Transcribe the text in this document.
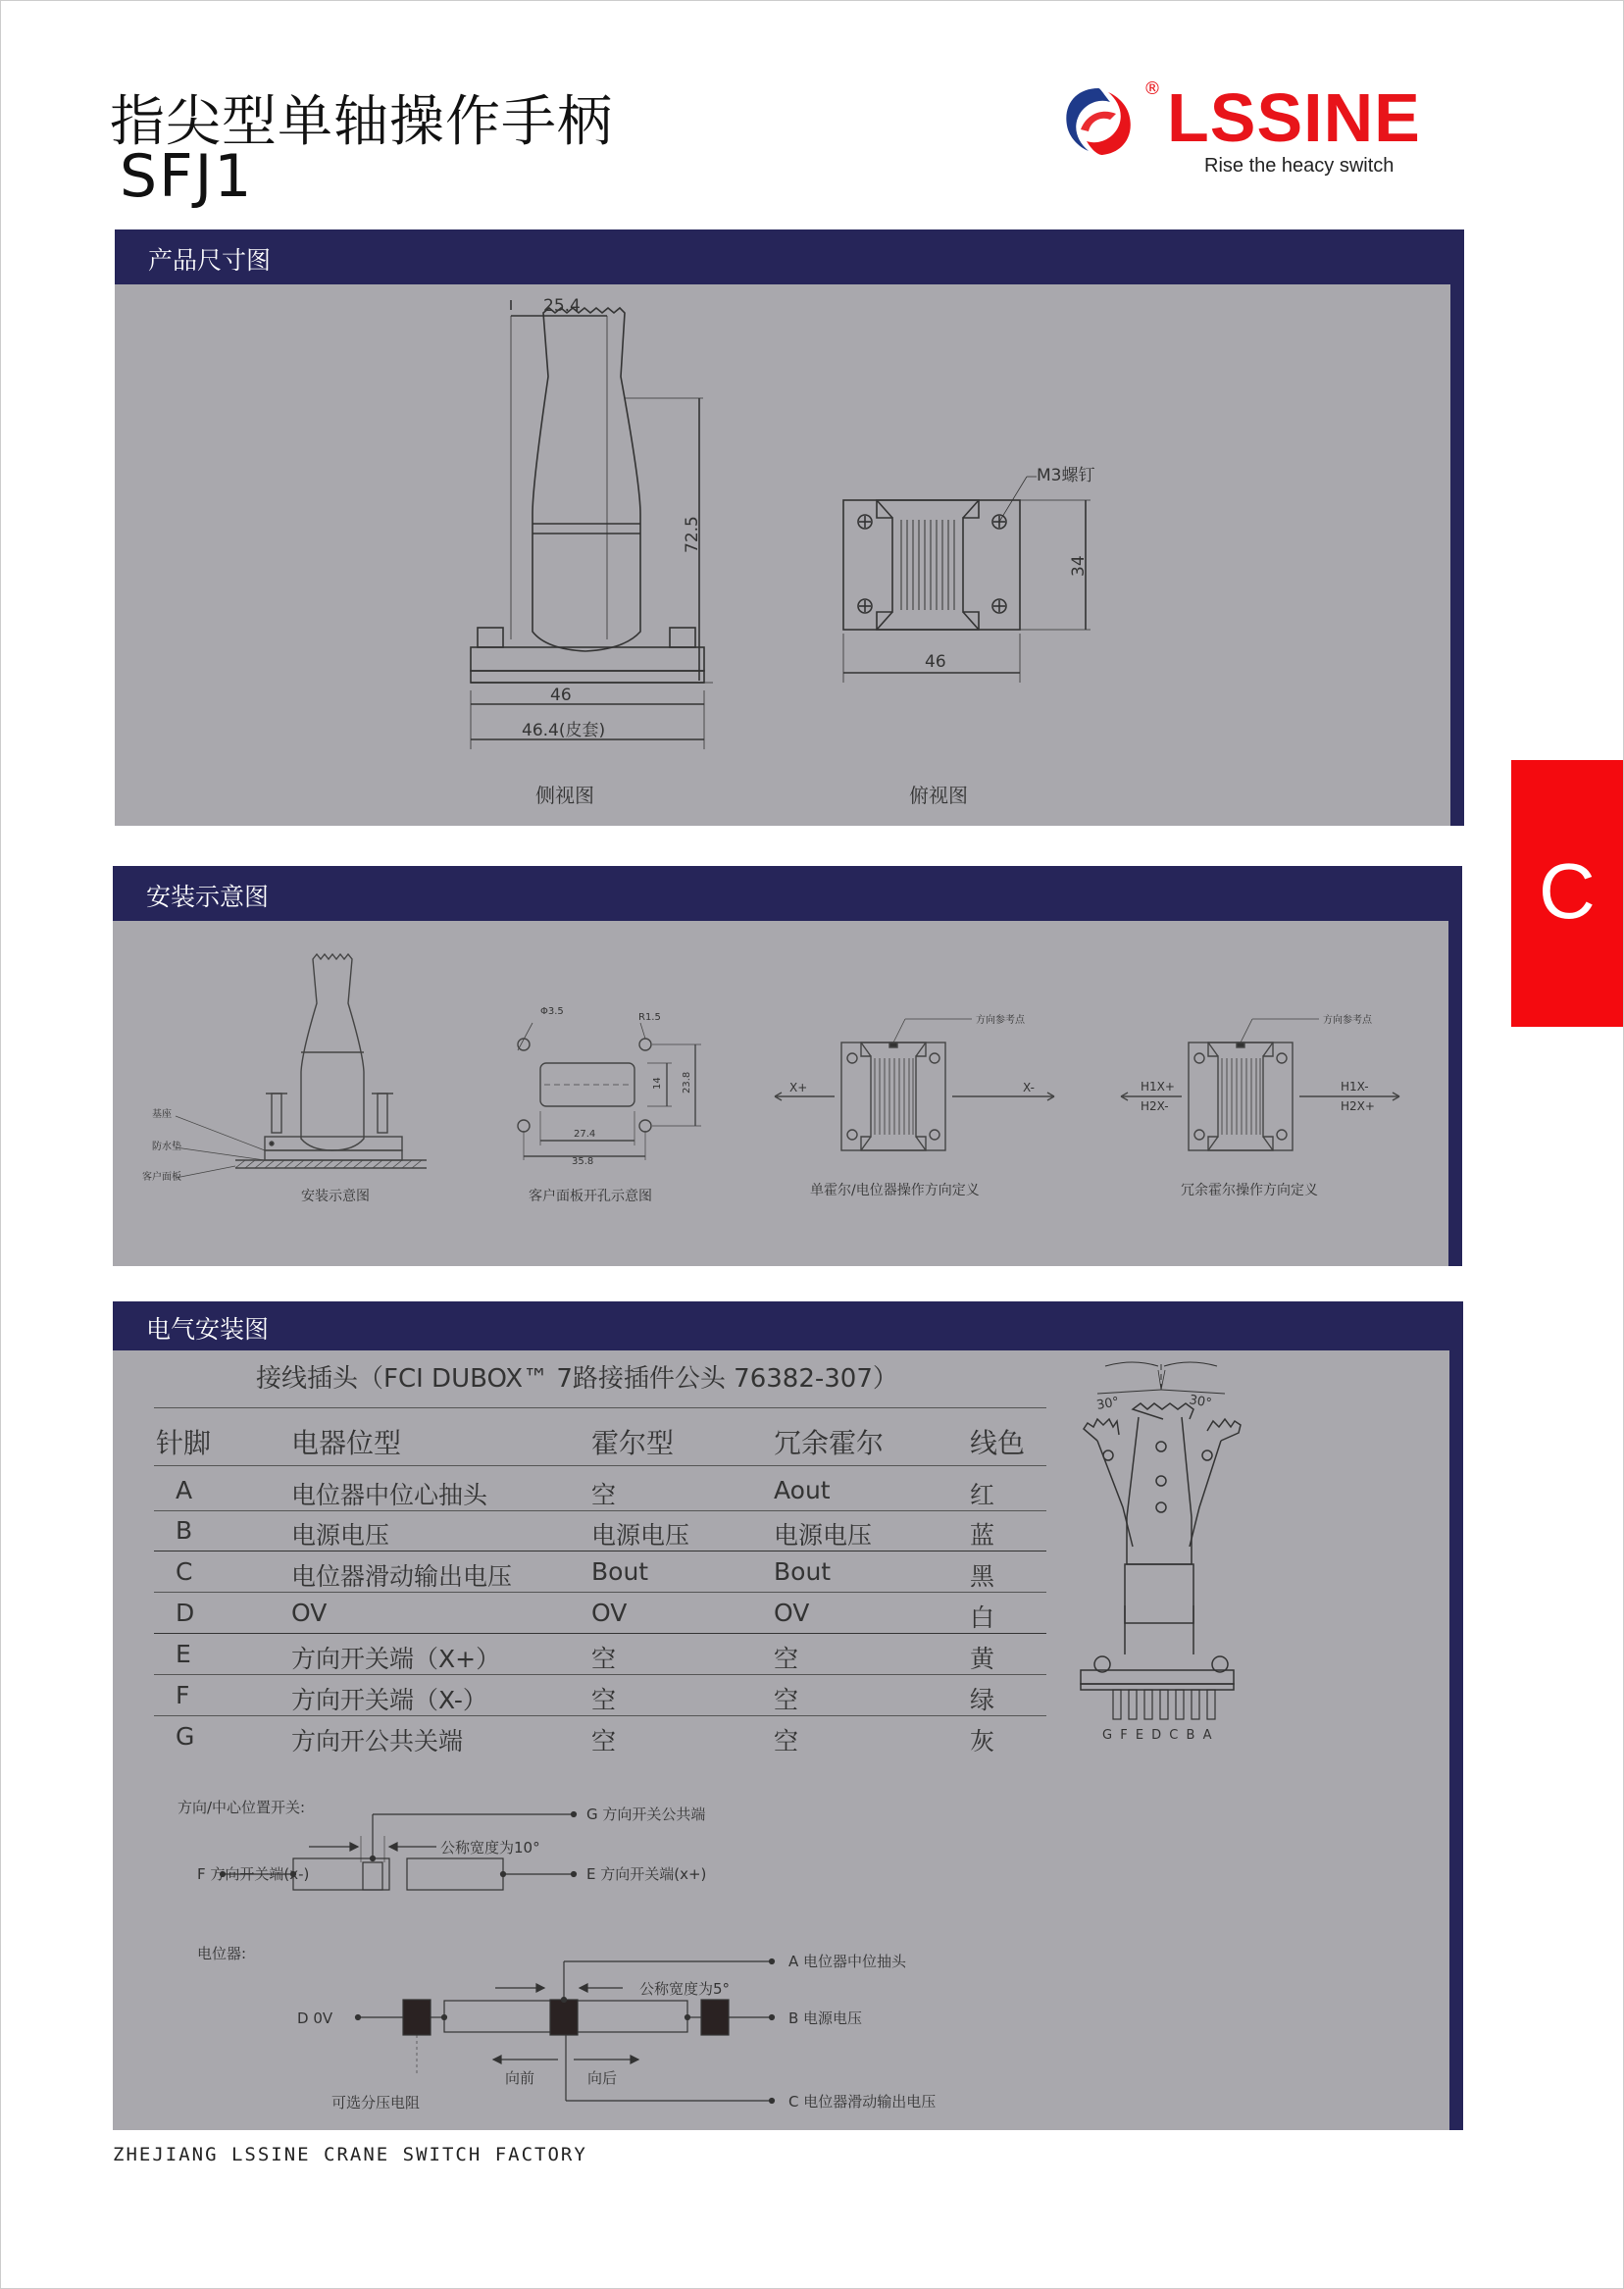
指尖型单轴操作手柄
SFJ1
® LSSINE
Rise the heacy switch
产品尺寸图
25.4
72.5
46
46.4(皮套)
M3螺钉
34
46
侧视图	俯视图
C
安装示意图
基座
防水垫
客户面板
Φ3.5
R1.5
14 23.8
27.4
35.8
方向参考点	方向参考点
X+	X-	H1X+
H2X-
H1X-
H2X+
安装示意图	客户面板开孔示意图	单霍尔/电位器操作方向定义	冗余霍尔操作方向定义
电气安装图
接线插头（FCI DUBOX™ 7路接插件公头 76382-307）
针脚	电器位型	霍尔型	冗余霍尔	线色
A	电位器中位心抽头	空	Aout	红
B	电源电压	电源电压	电源电压	蓝
C	电位器滑动输出电压	Bout	Bout	黑
D	OV	OV	OV	白
E	方向开关端（X+）	空	空	黄
F	方向开关端（X-）	空	空	绿
G	方向开公共关端	空	空	灰
30°	30°
G F E D C B A
方向/中心位置开关:	G 方向开关公共端
公称宽度为10°
F 方向开关端(x-)	E 方向开关端(x+)
电位器:	A 电位器中位抽头
公称宽度为5°
D 0V	B 电源电压
向前	向后
可选分压电阻	C 电位器滑动输出电压
ZHEJIANG LSSINE CRANE SWITCH FACTORY
